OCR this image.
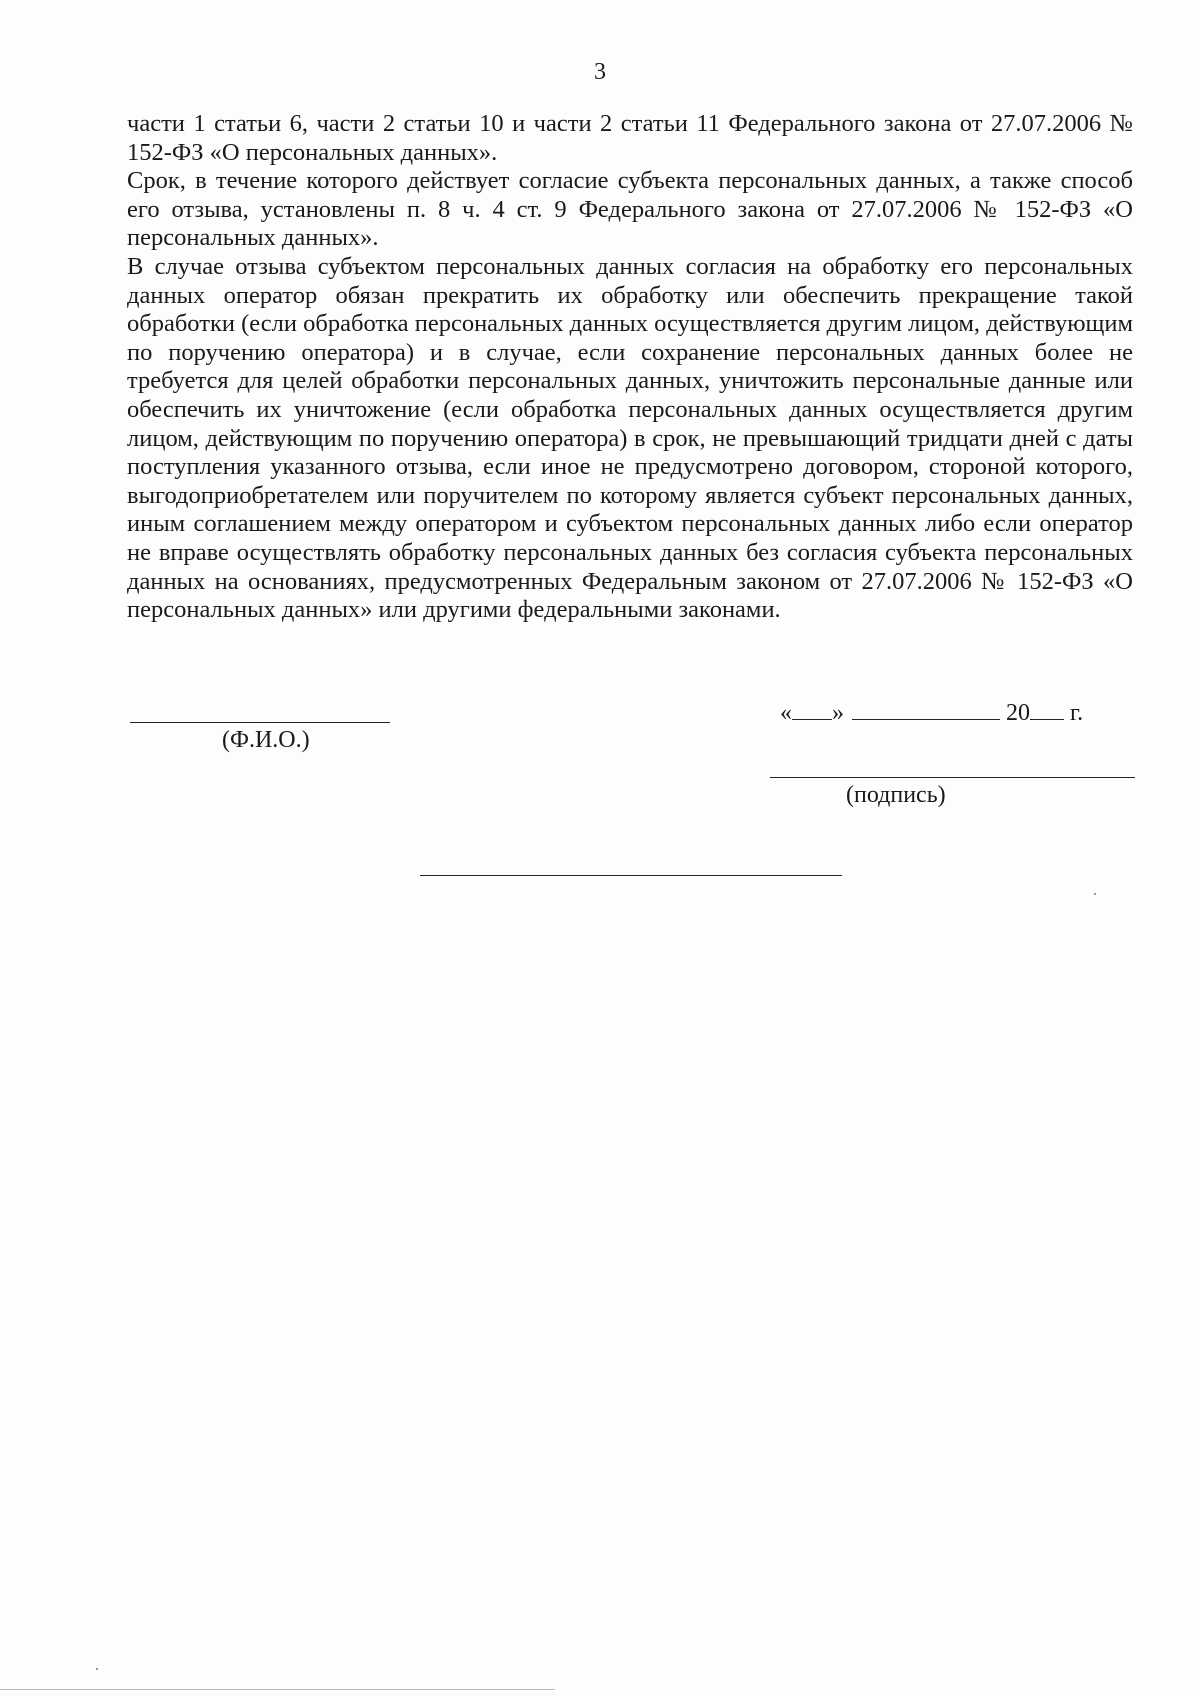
3

части 1 статьи 6, части 2 статьи 10 и части 2 статьи 11 Федерального закона от 27.07.2006 № 152-ФЗ «О персональных данных».

Срок, в течение которого действует согласие субъекта персональных данных, а также способ его отзыва, установлены п. 8 ч. 4 ст. 9 Федерального закона от 27.07.2006 № 152-ФЗ «О персональных данных».

В случае отзыва субъектом персональных данных согласия на обработку его персональных данных оператор обязан прекратить их обработку или обеспечить прекращение такой обработки (если обработка персональных данных осуществляется другим лицом, действующим по поручению оператора) и в случае, если сохранение персональных данных более не требуется для целей обработки персональных данных, уничтожить персональные данные или обеспечить их уничтожение (если обработка персональных данных осуществляется другим лицом, действующим по поручению оператора) в срок, не превышающий тридцати дней с даты поступления указанного отзыва, если иное не предусмотрено договором, стороной которого, выгодоприобретателем или поручителем по которому является субъект персональных данных, иным соглашением между оператором и субъектом персональных данных либо если оператор не вправе осуществлять обработку персональных данных без согласия субъекта персональных данных на основаниях, предусмотренных Федеральным законом от 27.07.2006 № 152-ФЗ «О персональных данных» или другими федеральными законами.

(Ф.И.О.)
« »	20 г.
(подпись)
